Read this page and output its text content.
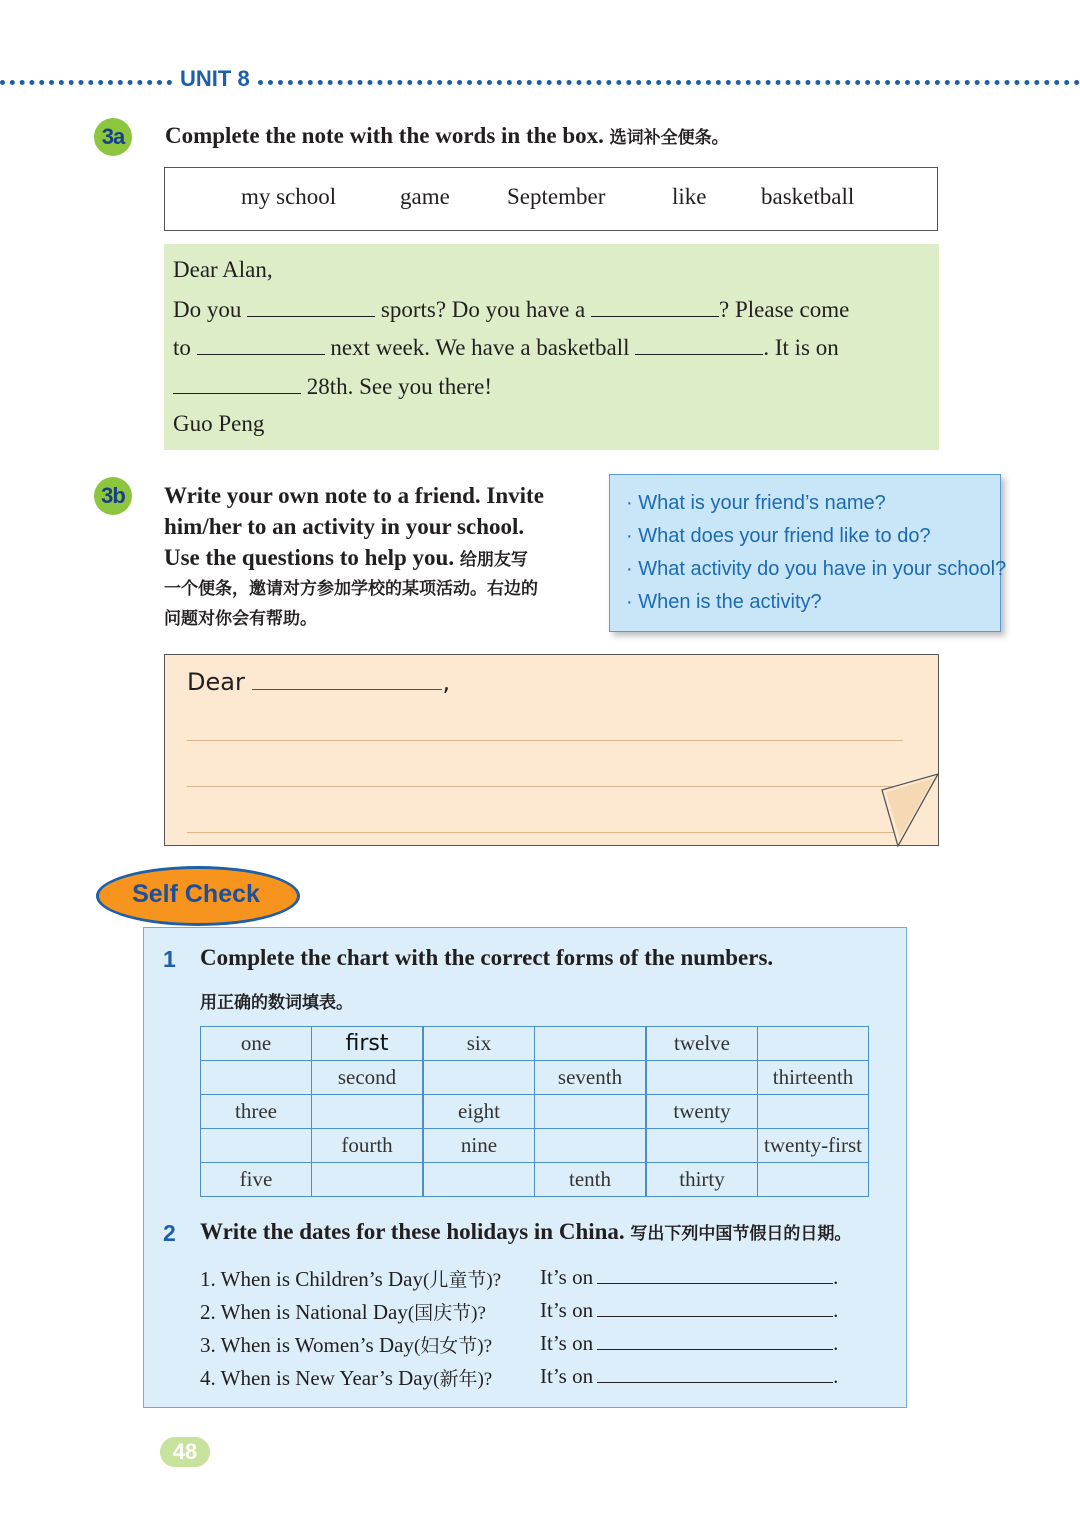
UNIT 8
3a	Complete the note with the words in the box. 选词补全便条。
my school	game September	like basketball
Dear Alan,
Do you	sports? Do you have a	? Please come
to	next week. We have a basketball	. It is on
28th. See you there!
Guo Peng
3b	Write your own note to a friend. Invite
him/her to an activity in your school.
Use the questions to help you. 给朋友写
一个便条，邀请对方参加学校的某项活动。右边的
问题对你会有帮助。
· What is your friend’s name?
· What does your friend like to do?
· What activity do you have in your school?
· When is the activity?
Dear	,
Self Check
1 Complete the chart with the correct forms of the numbers.
用正确的数词填表。
one	first	six		twelve	
	second		seventh		thirteenth
three		eight		twenty	
	fourth	nine			twenty-first
five			tenth	thirty	
2 Write the dates for these holidays in China. 写出下列中国节假日的日期。
1. When is Children’s Day(儿童节)? It’s on	.
2. When is National Day(国庆节)?	It’s on	.
3. When is Women’s Day(妇女节)? It’s on	.
4. When is New Year’s Day(新年)? It’s on	.
48
